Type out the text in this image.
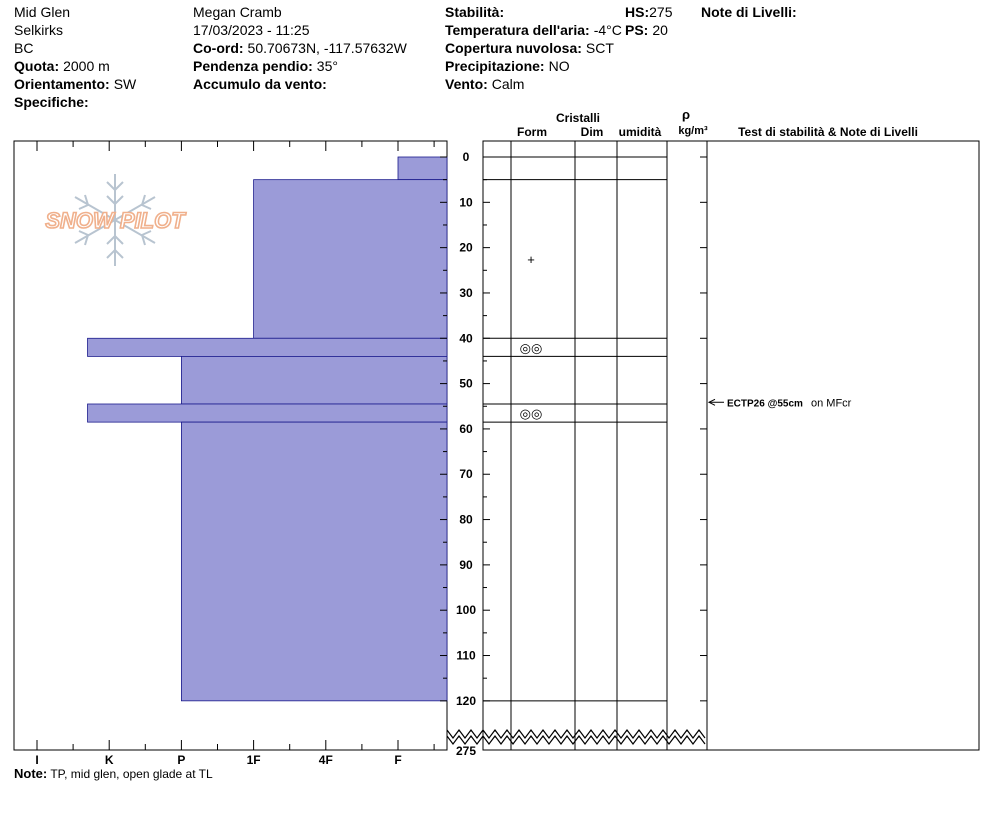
Mid Glen
Selkirks
BC
Quota: 2000 m
Orientamento: SW
Specifiche:
Megan Cramb
17/03/2023 - 11:25
Co-ord: 50.70673N, -117.57632W
Pendenza pendio: 35°
Accumulo da vento:
Stabilità:
Temperatura dell'aria: -4°C
Copertura nuvolosa: SCT
Precipitazione: NO
Vento: Calm
HS:275
PS: 20
Note di Livelli:
I	K	P	1F	4F	F
SNOW PILOT
0
10
20
30
40
50
60
70
80
90
100
110
120
275
+
◎◎
◎◎
Cristalli
Form	Dim umidità
ρ
kg/m³	Test di stabilità & Note di Livelli
ECTP26 @55cm on MFcr
Note: TP, mid glen, open glade at TL
